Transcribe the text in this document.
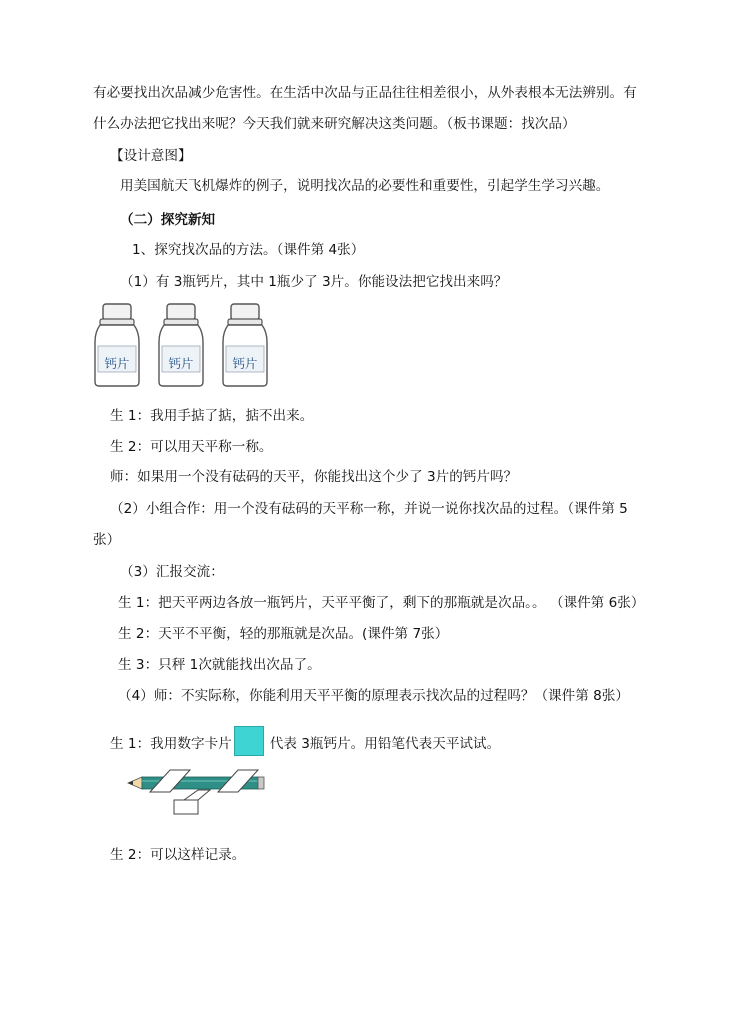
有必要找出次品减少危害性。在生活中次品与正品往往相差很小，从外表根本无法辨别。有
什么办法把它找出来呢？今天我们就来研究解决这类问题。（板书课题：找次品）
【设计意图】
用美国航天飞机爆炸的例子，说明找次品的必要性和重要性，引起学生学习兴趣。
（二）探究新知
1、探究找次品的方法。（课件第 4张）
（1）有 3瓶钙片，其中 1瓶少了 3片。你能设法把它找出来吗？
钙片	钙片	钙片
生 1：我用手掂了掂，掂不出来。
生 2：可以用天平称一称。
师：如果用一个没有砝码的天平，你能找出这个少了 3片的钙片吗？
（2）小组合作：用一个没有砝码的天平称一称，并说一说你找次品的过程。（课件第 5
张）
（3）汇报交流：
生 1：把天平两边各放一瓶钙片，天平平衡了，剩下的那瓶就是次品。。 （课件第 6张）
生 2：天平不平衡，轻的那瓶就是次品。(课件第 7张）
生 3：只秤 1次就能找出次品了。
（4）师：不实际称，你能利用天平平衡的原理表示找次品的过程吗？（课件第 8张）
生 1：我用数字卡片	代表 3瓶钙片。用铅笔代表天平试试。
生 2：可以这样记录。
